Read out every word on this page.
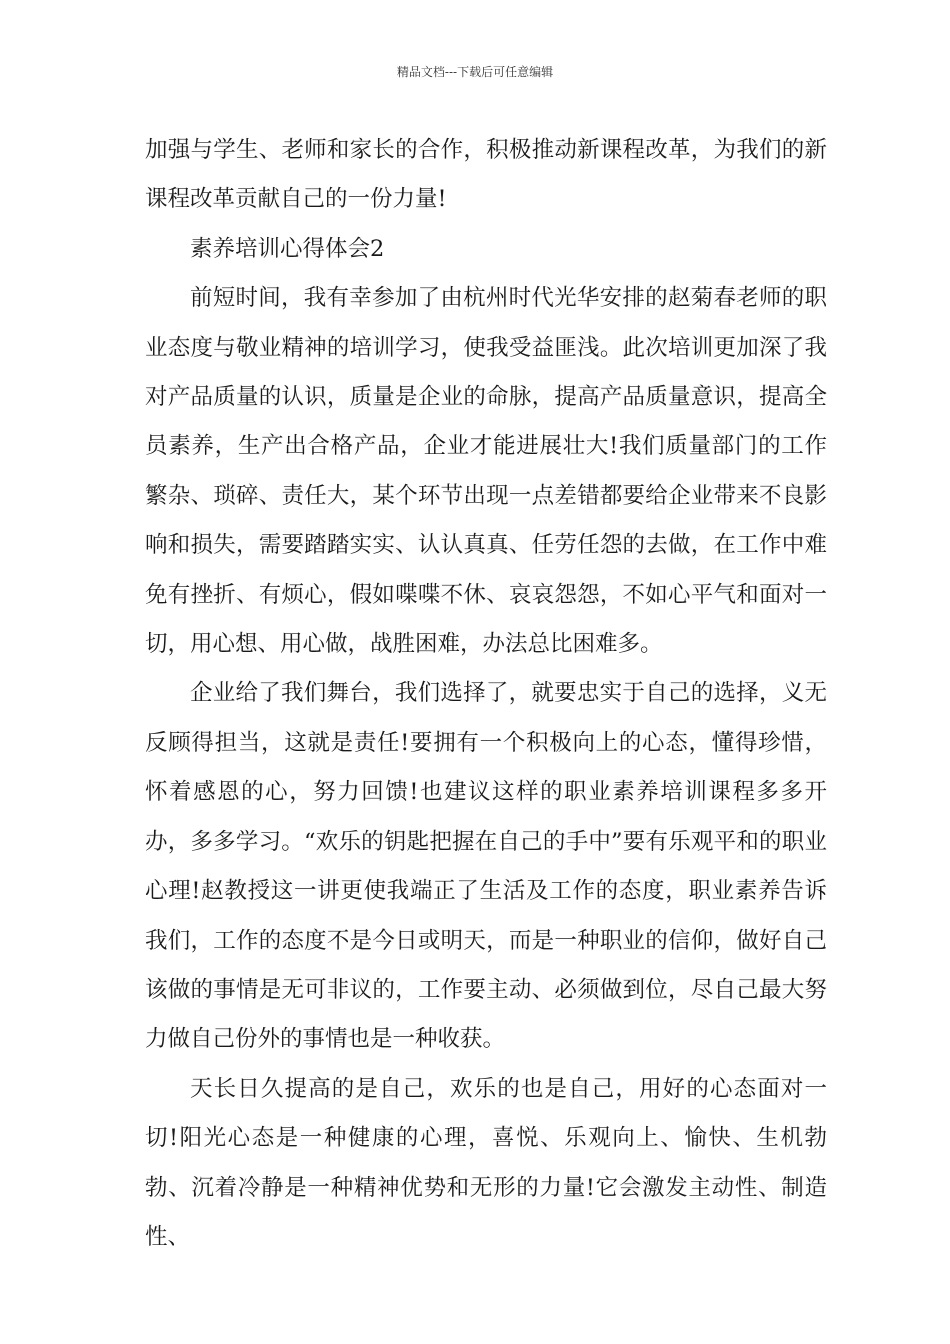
精品文档---下载后可任意编辑

加强与学生、老师和家长的合作，积极推动新课程改革，为我们的新课程改革贡献自己的一份力量!

素养培训心得体会2

前短时间，我有幸参加了由杭州时代光华安排的赵菊春老师的职业态度与敬业精神的培训学习，使我受益匪浅。此次培训更加深了我对产品质量的认识，质量是企业的命脉，提高产品质量意识，提高全员素养，生产出合格产品，企业才能进展壮大!我们质量部门的工作繁杂、琐碎、责任大，某个环节出现一点差错都要给企业带来不良影响和损失，需要踏踏实实、认认真真、任劳任怨的去做，在工作中难免有挫折、有烦心，假如喋喋不休、哀哀怨怨，不如心平气和面对一切，用心想、用心做，战胜困难，办法总比困难多。

企业给了我们舞台，我们选择了，就要忠实于自己的选择，义无反顾得担当，这就是责任!要拥有一个积极向上的心态，懂得珍惜，怀着感恩的心，努力回馈!也建议这样的职业素养培训课程多多开办，多多学习。“欢乐的钥匙把握在自己的手中”要有乐观平和的职业心理!赵教授这一讲更使我端正了生活及工作的态度，职业素养告诉我们，工作的态度不是今日或明天，而是一种职业的信仰，做好自己该做的事情是无可非议的，工作要主动、必须做到位，尽自己最大努力做自己份外的事情也是一种收获。

天长日久提高的是自己，欢乐的也是自己，用好的心态面对一切!阳光心态是一种健康的心理，喜悦、乐观向上、愉快、生机勃勃、沉着冷静是一种精神优势和无形的力量!它会激发主动性、制造性、
